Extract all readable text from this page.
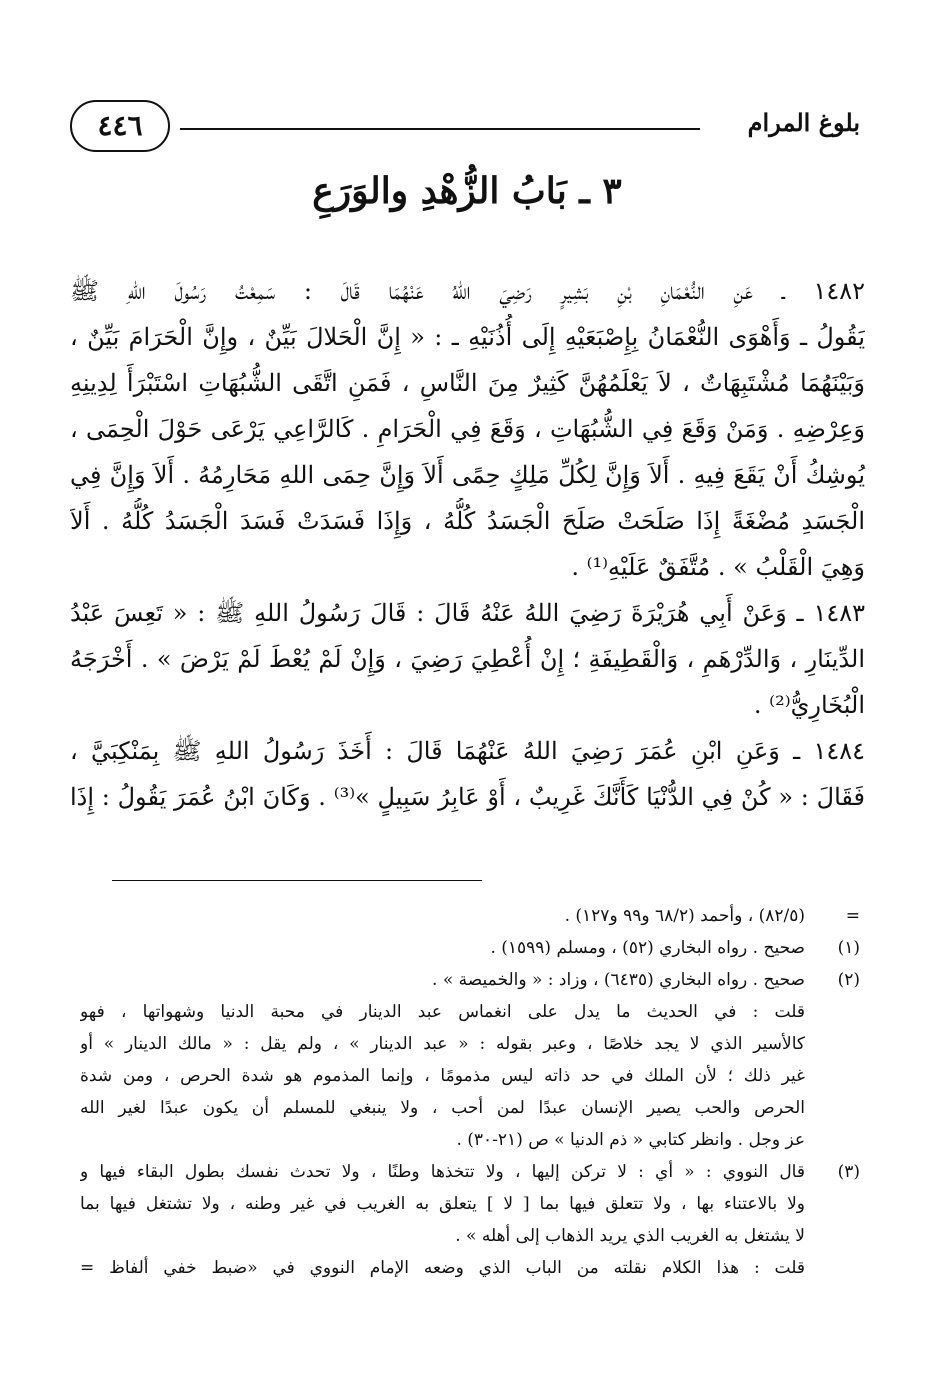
بلوغ المرام
٤٤٦
٣ ـ بَابُ الزُّهْدِ والوَرَعِ
١٤٨٢ ـ عَنِ النُّعْمَانِ بْنِ بَشِيرٍ رَضِيَ اللهُ عَنْهُمَا قَالَ : سَمِعْتُ رَسُولَ اللهِ ﷺ
يَقُولُ ـ وَأَهْوَى النُّعْمَانُ بِإِصْبَعَيْهِ إِلَى أُذُنَيْهِ ـ : « إِنَّ الْحَلالَ بَيِّنٌ ، وإِنَّ الْحَرَامَ بَيِّنٌ ،
وَبَيْنَهُمَا مُشْتَبِهَاتٌ ، لاَ يَعْلَمُهُنَّ كَثِيرٌ مِنَ النَّاسِ ، فَمَنِ اتَّقَى الشُّبُهَاتِ اسْتَبْرَأَ لِدِينِهِ
وَعِرْضِهِ . وَمَنْ وَقَعَ فِي الشُّبُهَاتِ ، وَقَعَ فِي الْحَرَامِ . كَالرَّاعِي يَرْعَى حَوْلَ الْحِمَى ،
يُوشِكُ أَنْ يَقَعَ فِيهِ . أَلاَ وَإِنَّ لِكُلِّ مَلِكٍ حِمًى أَلاَ وَإِنَّ حِمَى اللهِ مَحَارِمُهُ . أَلاَ وَإِنَّ فِي
الْجَسَدِ مُضْغَةً إِذَا صَلَحَتْ صَلَحَ الْجَسَدُ كُلُّهُ ، وَإِذَا فَسَدَتْ فَسَدَ الْجَسَدُ كُلُّهُ . أَلاَ
وَهِيَ الْقَلْبُ » . مُتَّفَقٌ عَلَيْهِ⁽¹⁾ .
١٤٨٣ ـ وَعَنْ أَبِي هُرَيْرَةَ رَضِيَ اللهُ عَنْهُ قَالَ : قَالَ رَسُولُ اللهِ ﷺ : « تَعِسَ عَبْدُ
الدِّينَارِ ، وَالدِّرْهَمِ ، وَالْقَطِيفَةِ ؛ إِنْ أُعْطِيَ رَضِيَ ، وَإِنْ لَمْ يُعْطَ لَمْ يَرْضَ » . أَخْرَجَهُ
الْبُخَارِيُّ⁽²⁾ .
١٤٨٤ ـ وَعَنِ ابْنِ عُمَرَ رَضِيَ اللهُ عَنْهُمَا قَالَ : أَخَذَ رَسُولُ اللهِ ﷺ بِمَنْكِبَيَّ ،
فَقَالَ : « كُنْ فِي الدُّنْيَا كَأَنَّكَ غَرِيبٌ ، أَوْ عَابِرُ سَبِيلٍ »⁽³⁾ . وَكَانَ ابْنُ عُمَرَ يَقُولُ : إِذَا
=
(٨٢/٥) ، وأحمد (٦٨/٢ و٩٩ و١٢٧) .
(١)
صحيح . رواه البخاري (٥٢) ، ومسلم (١٥٩٩) .
(٢)
صحيح . رواه البخاري (٦٤٣٥) ، وزاد : « والخميصة » .
قلت : في الحديث ما يدل على انغماس عبد الدينار في محبة الدنيا وشهواتها ، فهو
كالأسير الذي لا يجد خلاصًا ، وعبر بقوله : « عبد الدينار » ، ولم يقل : « مالك الدينار » أو
غير ذلك ؛ لأن الملك في حد ذاته ليس مذمومًا ، وإنما المذموم هو شدة الحرص ، ومن شدة
الحرص والحب يصير الإنسان عبدًا لمن أحب ، ولا ينبغي للمسلم أن يكون عبدًا لغير الله
عز وجل . وانظر كتابي « ذم الدنيا » ص (٢١-٣٠) .
(٣)
قال النووي : « أي : لا تركن إليها ، ولا تتخذها وطنًا ، ولا تحدث نفسك بطول البقاء فيها و
ولا بالاعتناء بها ، ولا تتعلق فيها بما [ لا ] يتعلق به الغريب في غير وطنه ، ولا تشتغل فيها بما
لا يشتغل به الغريب الذي يريد الذهاب إلى أهله » .
قلت : هذا الكلام نقلته من الباب الذي وضعه الإمام النووي في «ضبط خفي ألفاظ =
